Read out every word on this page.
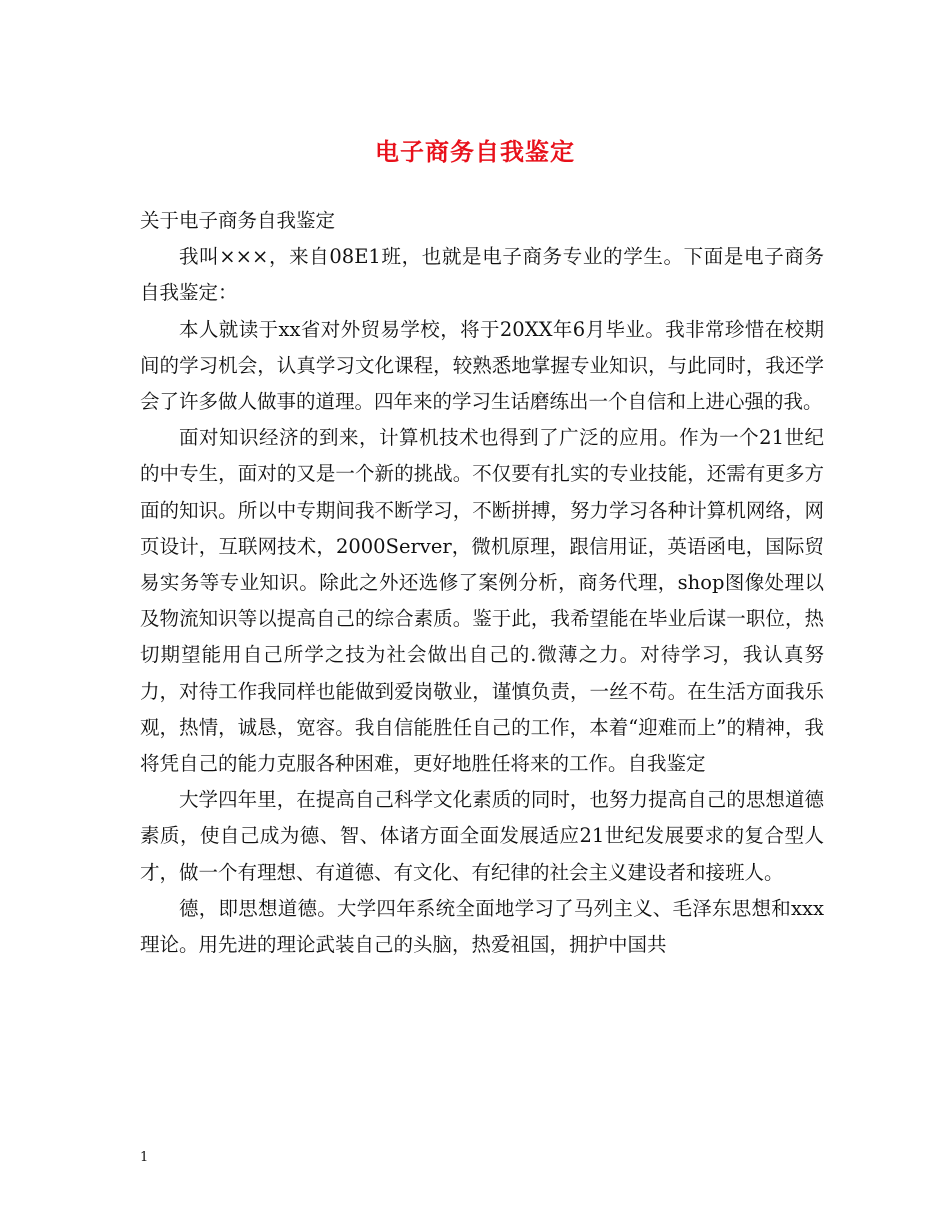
电子商务自我鉴定

关于电子商务自我鉴定

我叫×××，来自08E1班，也就是电子商务专业的学生。下面是电子商务自我鉴定：

本人就读于xx省对外贸易学校，将于20XX年6月毕业。我非常珍惜在校期间的学习机会，认真学习文化课程，较熟悉地掌握专业知识，与此同时，我还学会了许多做人做事的道理。四年来的学习生话磨练出一个自信和上进心强的我。

面对知识经济的到来，计算机技术也得到了广泛的应用。作为一个21世纪的中专生，面对的又是一个新的挑战。不仅要有扎实的专业技能，还需有更多方面的知识。所以中专期间我不断学习，不断拼搏，努力学习各种计算机网络，网页设计，互联网技术，2000Server，微机原理，跟信用证，英语函电，国际贸易实务等专业知识。除此之外还选修了案例分析，商务代理，shop图像处理以及物流知识等以提高自己的综合素质。鉴于此，我希望能在毕业后谋一职位，热切期望能用自己所学之技为社会做出自己的.微薄之力。对待学习，我认真努力，对待工作我同样也能做到爱岗敬业，谨慎负责，一丝不苟。在生活方面我乐观，热情，诚恳，宽容。我自信能胜任自己的工作，本着“迎难而上”的精神，我将凭自己的能力克服各种困难，更好地胜任将来的工作。自我鉴定

大学四年里，在提高自己科学文化素质的同时，也努力提高自己的思想道德素质，使自己成为德、智、体诸方面全面发展适应21世纪发展要求的复合型人才，做一个有理想、有道德、有文化、有纪律的社会主义建设者和接班人。

德，即思想道德。大学四年系统全面地学习了马列主义、毛泽东思想和xxx理论。用先进的理论武装自己的头脑，热爱祖国，拥护中国共

1
